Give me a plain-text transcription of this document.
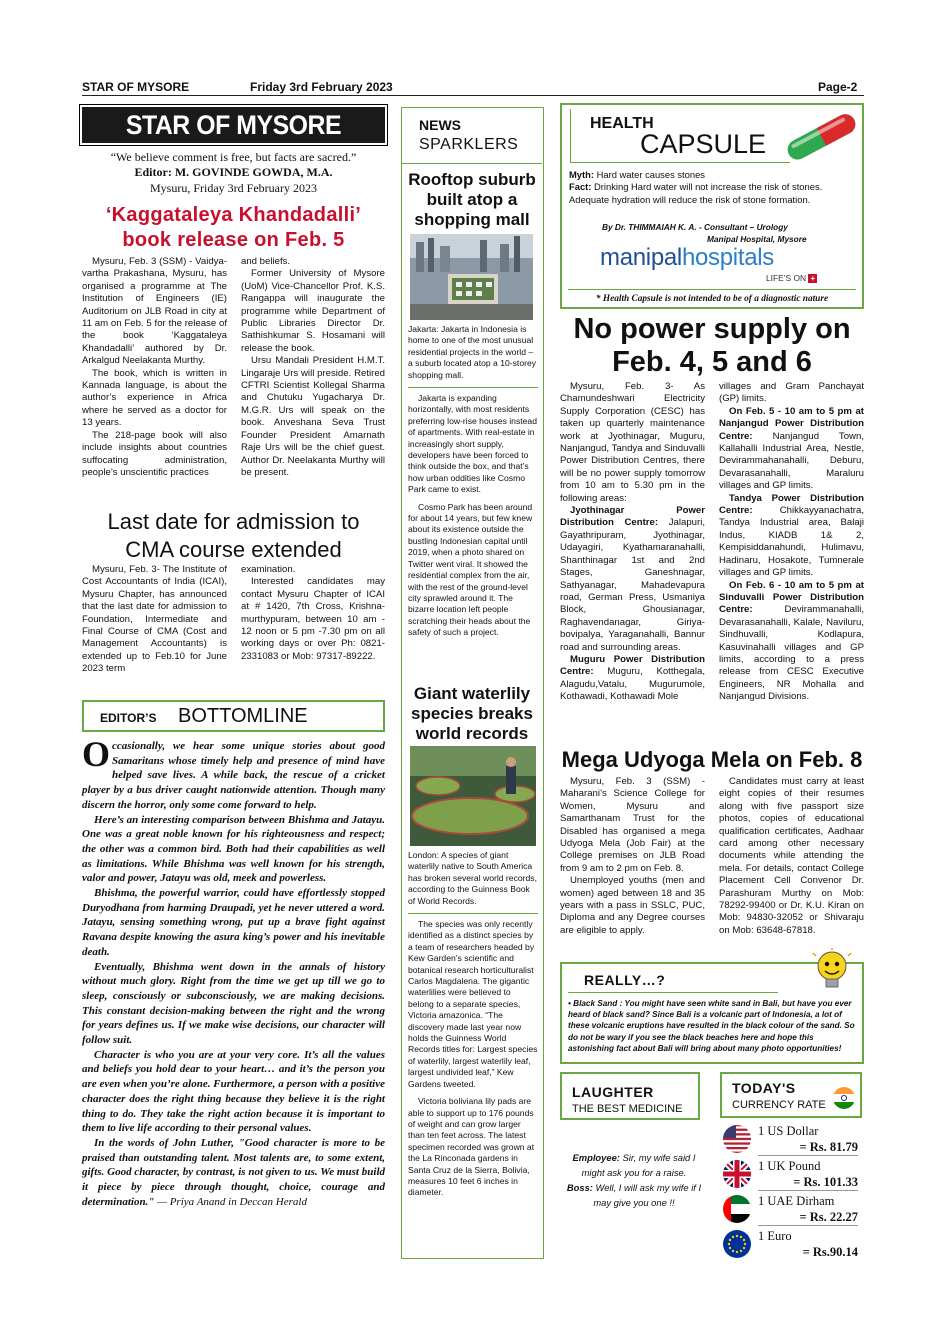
STAR OF MYSORE	Friday 3rd February 2023	Page-2
STAR OF MYSORE
“We believe comment is free, but facts are sacred.”
Editor: M. GOVINDE GOWDA, M.A.
Mysuru, Friday 3rd February 2023
‘Kaggataleya Khandadalli’
book release on Feb. 5

Mysuru, Feb. 3 (SSM) - Vaidya-vartha Prakashana, Mysuru, has organised a programme at The Institution of Engineers (IE) Auditorium on JLB Road in city at 11 am on Feb. 5 for the release of the book ‘Kaggataleya Khandadalli’ authored by Dr. Arkalgud Neelakanta Murthy.

The book, which is written in Kannada language, is about the author’s experience in Africa where he served as a doctor for 13 years.

The 218-page book will also include insights about countries suffocating administration, people’s unscientific practices

and beliefs.

Former University of Mysore (UoM) Vice-Chancellor Prof. K.S. Rangappa will inaugurate the programme while Department of Public Libraries Director Dr. Sathishkumar S. Hosamani will release the book.

Ursu Mandali President H.M.T. Lingaraje Urs will preside. Retired CFTRI Scientist Kollegal Sharma and Chutuku Yugacharya Dr. M.G.R. Urs will speak on the book. Anveshana Seva Trust Founder President Amarnath Raje Urs will be the chief guest. Author Dr. Neelakanta Murthy will be present.

Last date for admission to
CMA course extended

Mysuru, Feb. 3- The Institute of Cost Accountants of India (ICAI), Mysuru Chapter, has announced that the last date for admission to Foundation, Intermediate and Final Course of CMA (Cost and Management Accountants) is extended up to Feb.10 for June 2023 term

examination.

Interested candidates may contact Mysuru Chapter of ICAI at # 1420, 7th Cross, Krishna-murthypuram, between 10 am - 12 noon or 5 pm -7.30 pm on all working days or over Ph: 0821-2331083 or Mob: 97317-89222.

EDITOR’S BOTTOMLINE

Occasionally, we hear some unique stories about good Samaritans whose timely help and presence of mind have helped save lives. A while back, the rescue of a cricket player by a bus driver caught nationwide attention. Though many discern the horror, only some come forward to help.

Here’s an interesting comparison between Bhishma and Jatayu. One was a great noble known for his righteousness and respect; the other was a common bird. Both had their capabilities as well as limitations. While Bhishma was well known for his strength, valor and power, Jatayu was old, meek and powerless.

Bhishma, the powerful warrior, could have effortlessly stopped Duryodhana from harming Draupadi, yet he never uttered a word. Jatayu, sensing something wrong, put up a brave fight against Ravana despite knowing the asura king’s power and his inevitable death.

Eventually, Bhishma went down in the annals of history without much glory. Right from the time we get up till we go to sleep, consciously or subconsciously, we are making decisions. This constant decision-making between the right and the wrong for years defines us. If we make wise decisions, our character will follow suit.

Character is who you are at your very core. It’s all the values and beliefs you hold dear to your heart… and it’s the person you are even when you’re alone. Furthermore, a person with a positive character does the right thing because they believe it is the right thing to do. They take the right action because it is important to them to live life according to their personal values.

In the words of John Luther, "Good character is more to be praised than outstanding talent. Most talents are, to some extent, gifts. Good character, by contrast, is not given to us. We must build it piece by piece through thought, choice, courage and determination." — Priya Anand in Deccan Herald

NEWS
SPARKLERS
Rooftop suburb built atop a shopping mall
Jakarta: Jakarta in Indonesia is home to one of the most unusual residential projects in the world – a suburb located atop a 10-storey shopping mall.

Jakarta is expanding horizontally, with most residents preferring low-rise houses instead of apartments. With real-estate in increasingly short supply, developers have been forced to think outside the box, and that’s how urban oddities like Cosmo Park came to exist.

Cosmo Park has been around for about 14 years, but few knew about its existence outside the bustling Indonesian capital until 2019, when a photo shared on Twitter went viral. It showed the residential complex from the air, with the rest of the ground-level city sprawled around it. The bizarre location left people scratching their heads about the safety of such a project.

Giant waterlily species breaks world records
London: A species of giant waterlily native to South America has broken several world records, according to the Guinness Book of World Records.

The species was only recently identified as a distinct species by a team of researchers headed by Kew Garden’s scientific and botanical research horticulturalist Carlos Magdalena. The gigantic waterlilies were believed to belong to a separate species, Victoria amazonica. “The discovery made last year now holds the Guinness World Records titles for: Largest species of waterlily, largest waterlily leaf, largest undivided leaf,” Kew Gardens tweeted.

Victoria boliviana lily pads are able to support up to 176 pounds of weight and can grow larger than ten feet across. The latest specimen recorded was grown at the La Rinconada gardens in Santa Cruz de la Sierra, Bolivia, measures 10 feet 6 inches in diameter.

HEALTH
CAPSULE
Myth: Hard water causes stones
Fact: Drinking Hard water will not increase the risk of stones. Adequate hydration will reduce the risk of stone formation.
By Dr. THIMMAIAH K. A. - Consultant – Urology
Manipal Hospital, Mysore
manipalhospitals
LIFE’S ON +
* Health Capsule is not intended to be of a diagnostic nature
No power supply on
Feb. 4, 5 and 6

Mysuru, Feb. 3- As Chamundeshwari Electricity Supply Corporation (CESC) has taken up quarterly maintenance work at Jyothinagar, Muguru, Nanjangud, Tandya and Sinduvalli Power Distribution Centres, there will be no power supply tomorrow from 10 am to 5.30 pm in the following areas:

Jyothinagar Power Distribution Centre: Jalapuri, Gayathripuram, Jyothinagar, Udayagiri, Kyathamaranahalli, Shanthinagar 1st and 2nd Stages, Ganeshnagar, Sathyanagar, Mahadevapura road, German Press, Usmaniya Block, Ghousianagar, Raghavendanagar, Giriya-bovipalya, Yaraganahalli, Bannur road and surrounding areas.

Muguru Power Distribution Centre: Muguru, Kotthegala, Alagudu,Vatalu, Mugurumole, Kothawadi, Kothawadi Mole

villages and Gram Panchayat (GP) limits.

On Feb. 5 - 10 am to 5 pm at Nanjangud Power Distribution Centre: Nanjangud Town, Kallahalli Industrial Area, Nestle, Devirammahanahalli, Deburu, Devarasanahalli, Maraluru villages and GP limits.

Tandya Power Distribution Centre: Chikkayyanachatra, Tandya Industrial area, Balaji Indus, KIADB 1& 2, Kempisiddanahundi, Hulimavu, Hadinaru, Hosakote, Tumnerale villages and GP limits.

On Feb. 6 - 10 am to 5 pm at Sinduvalli Power Distribution Centre: Devirammanahalli, Devarasanahalli, Kalale, Naviluru, Sindhuvalli, Kodlapura, Kasuvinahalli villages and GP limits, according to a press release from CESC Executive Engineers, NR Mohalla and Nanjangud Divisions.

Mega Udyoga Mela on Feb. 8

Mysuru, Feb. 3 (SSM) - Maharani’s Science College for Women, Mysuru and Samarthanam Trust for the Disabled has organised a mega Udyoga Mela (Job Fair) at the College premises on JLB Road from 9 am to 2 pm on Feb. 8.

Unemployed youths (men and women) aged between 18 and 35 years with a pass in SSLC, PUC, Diploma and any Degree courses are eligible to apply.

Candidates must carry at least eight copies of their resumes along with five passport size photos, copies of educational qualification certificates, Aadhaar card among other necessary documents while attending the mela. For details, contact College Placement Cell Convenor Dr. Parashuram Murthy on Mob: 78292-99400 or Dr. K.U. Kiran on Mob: 94830-32052 or Shivaraju on Mob: 63648-67818.

REALLY…?
• Black Sand : You might have seen white sand in Bali, but have you ever heard of black sand? Since Bali is a volcanic part of Indonesia, a lot of these volcanic eruptions have resulted in the black colour of the sand. So do not be wary if you see the black beaches here and hope this astonishing fact about Bali will bring about many photo opportunities!
LAUGHTER
THE BEST MEDICINE
Employee: Sir, my wife said I might ask you for a raise.
Boss: Well, I will ask my wife if I may give you one !!
TODAY'S
CURRENCY RATE
1 US Dollar
= Rs. 81.79
1 UK Pound
= Rs. 101.33
1 UAE Dirham
= Rs. 22.27
1 Euro
= Rs.90.14
